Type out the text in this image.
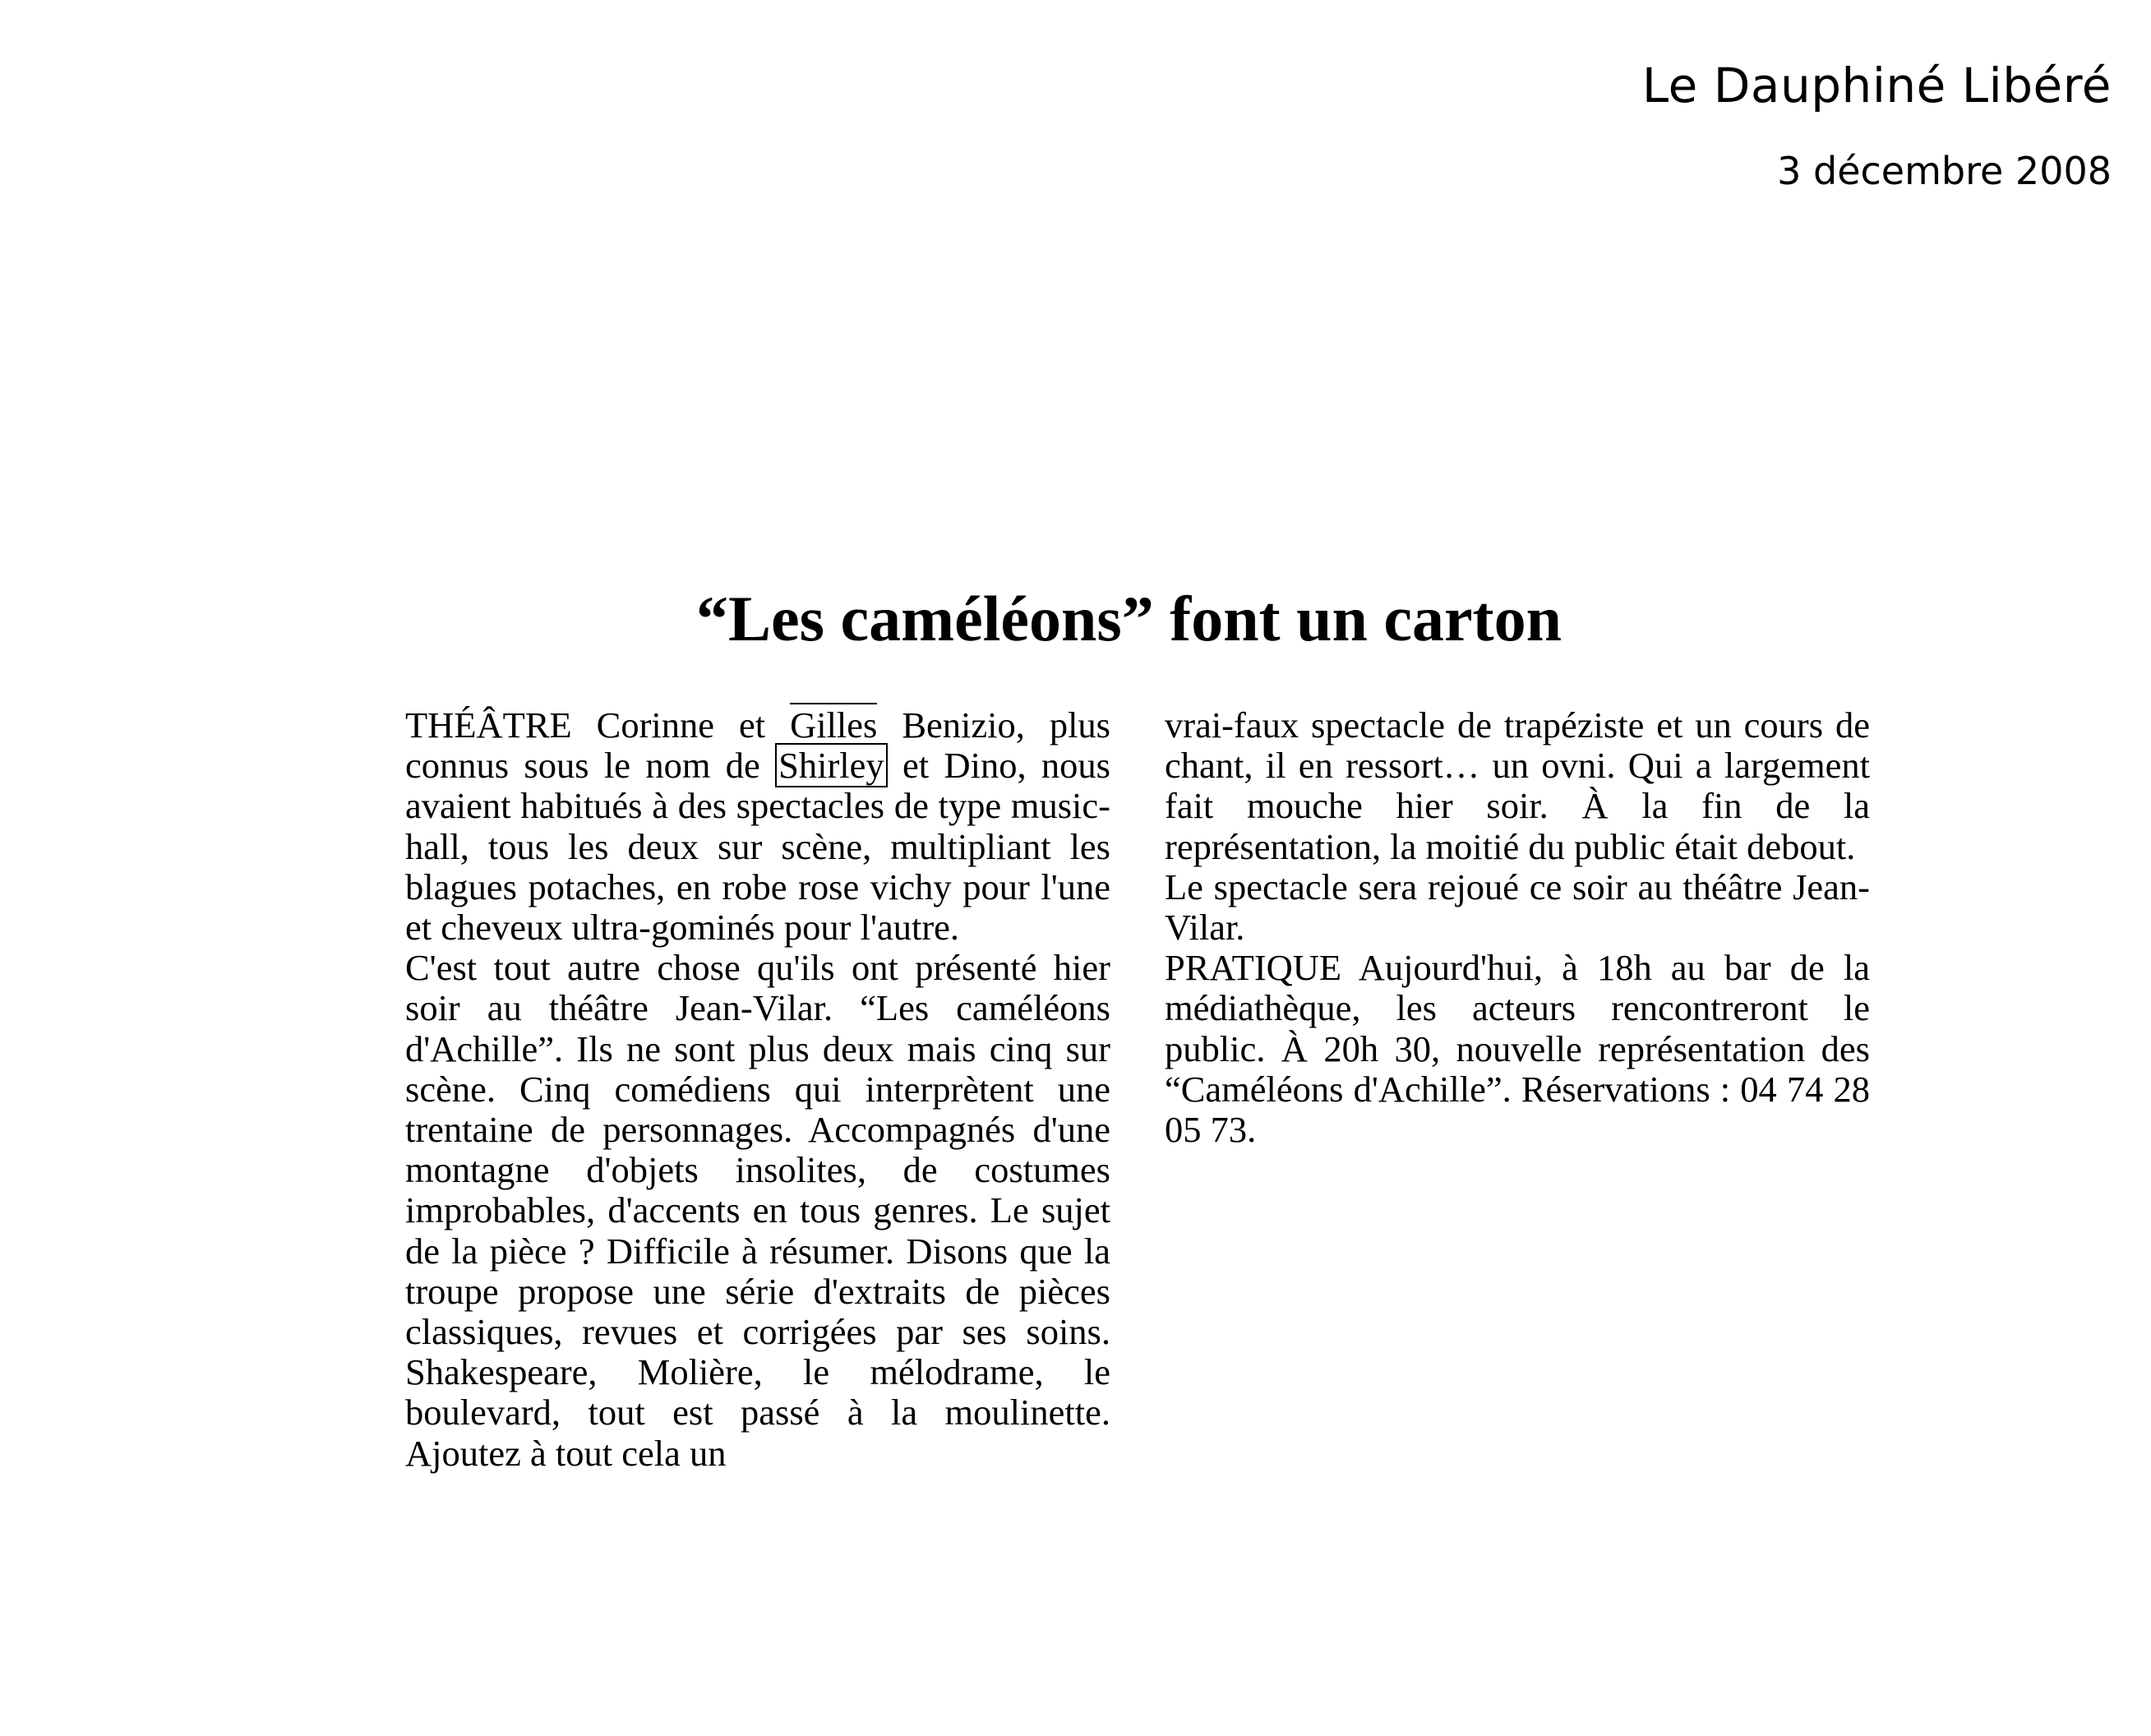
Le Dauphiné Libéré
3 décembre 2008
“Les caméléons” font un carton

THÉÂTRE Corinne et Gilles Benizio, plus connus sous le nom de Shirley et Dino, nous avaient habitués à des spectacles de type music-hall, tous les deux sur scène, multipliant les blagues potaches, en robe rose vichy pour l'une et cheveux ultra-gominés pour l'autre.

C'est tout autre chose qu'ils ont présenté hier soir au théâtre Jean-Vilar. “Les caméléons d'Achille”. Ils ne sont plus deux mais cinq sur scène. Cinq comédiens qui interprètent une trentaine de personnages. Accompagnés d'une montagne d'objets insolites, de costumes improbables, d'accents en tous genres. Le sujet de la pièce ? Difficile à résumer. Disons que la troupe propose une série d'extraits de pièces classiques, revues et corrigées par ses soins. Shakespeare, Molière, le mélodrame, le boulevard, tout est passé à la moulinette. Ajoutez à tout cela un

vrai-faux spectacle de trapéziste et un cours de chant, il en ressort… un ovni. Qui a largement fait mouche hier soir. À la fin de la représentation, la moitié du public était debout.

Le spectacle sera rejoué ce soir au théâtre Jean-Vilar.

PRATIQUE Aujourd'hui, à 18h au bar de la médiathèque, les acteurs rencontreront le public. À 20h 30, nouvelle représentation des “Caméléons d'Achille”. Réservations : 04 74 28 05 73.
